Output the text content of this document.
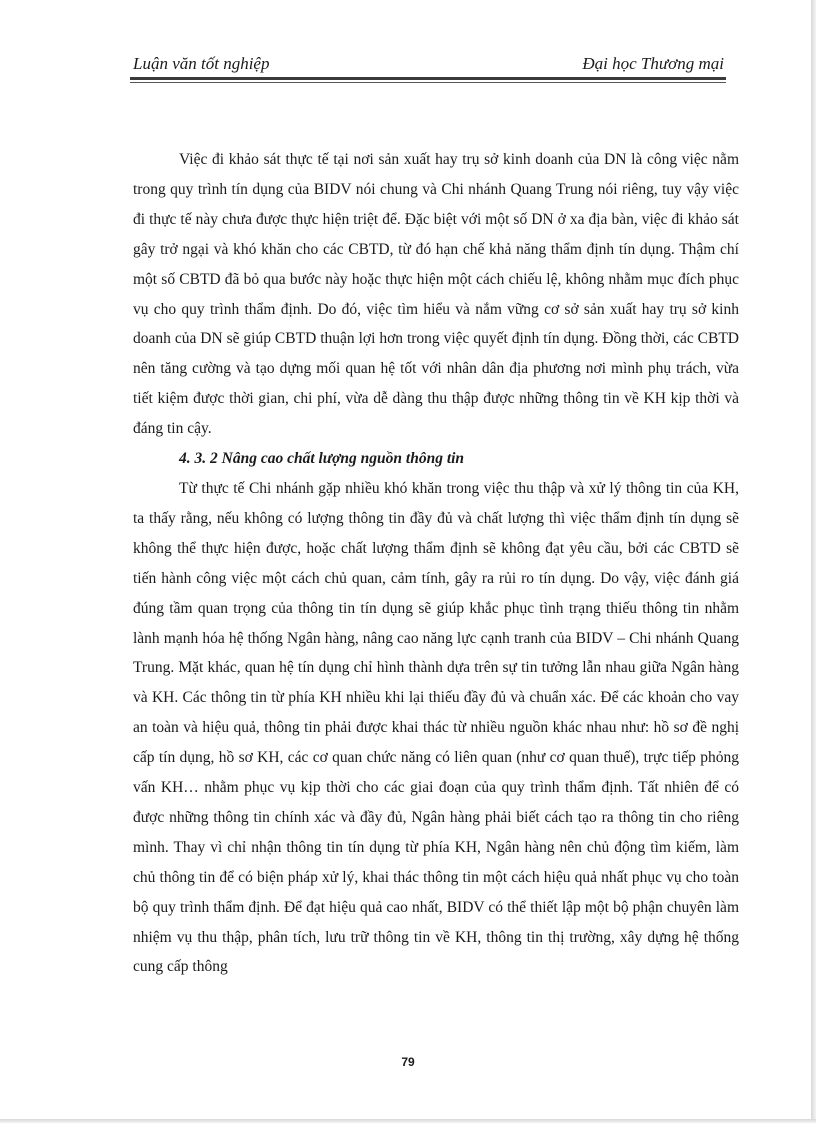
Luận văn tốt nghiệp	Đại học Thương mại

Việc đi khảo sát thực tế tại nơi sản xuất hay trụ sở kinh doanh của DN là công việc nằm trong quy trình tín dụng của BIDV nói chung và Chi nhánh Quang Trung nói riêng, tuy vậy việc đi thực tế này chưa được thực hiện triệt để. Đặc biệt với một số DN ở xa địa bàn, việc đi khảo sát gây trở ngại và khó khăn cho các CBTD, từ đó hạn chế khả năng thẩm định tín dụng. Thậm chí một số CBTD đã bỏ qua bước này hoặc thực hiện một cách chiếu lệ, không nhằm mục đích phục vụ cho quy trình thẩm định. Do đó, việc tìm hiểu và nắm vững cơ sở sản xuất hay trụ sở kinh doanh của DN sẽ giúp CBTD thuận lợi hơn trong việc quyết định tín dụng. Đồng thời, các CBTD nên tăng cường và tạo dựng mối quan hệ tốt với nhân dân địa phương nơi mình phụ trách, vừa tiết kiệm được thời gian, chi phí, vừa dễ dàng thu thập được những thông tin về KH kịp thời và đáng tin cậy.

4. 3. 2 Nâng cao chất lượng nguồn thông tin

Từ thực tế Chi nhánh gặp nhiều khó khăn trong việc thu thập và xử lý thông tin của KH, ta thấy rằng, nếu không có lượng thông tin đầy đủ và chất lượng thì việc thẩm định tín dụng sẽ không thể thực hiện được, hoặc chất lượng thẩm định sẽ không đạt yêu cầu, bởi các CBTD sẽ tiến hành công việc một cách chủ quan, cảm tính, gây ra rủi ro tín dụng. Do vậy, việc đánh giá đúng tầm quan trọng của thông tin tín dụng sẽ giúp khắc phục tình trạng thiếu thông tin nhằm lành mạnh hóa hệ thống Ngân hàng, nâng cao năng lực cạnh tranh của BIDV – Chi nhánh Quang Trung. Mặt khác, quan hệ tín dụng chỉ hình thành dựa trên sự tin tưởng lẫn nhau giữa Ngân hàng và KH. Các thông tin từ phía KH nhiều khi lại thiếu đầy đủ và chuẩn xác. Để các khoản cho vay an toàn và hiệu quả, thông tin phải được khai thác từ nhiều nguồn khác nhau như: hồ sơ đề nghị cấp tín dụng, hồ sơ KH, các cơ quan chức năng có liên quan (như cơ quan thuế), trực tiếp phỏng vấn KH… nhằm phục vụ kịp thời cho các giai đoạn của quy trình thẩm định. Tất nhiên để có được những thông tin chính xác và đầy đủ, Ngân hàng phải biết cách tạo ra thông tin cho riêng mình. Thay vì chỉ nhận thông tin tín dụng từ phía KH, Ngân hàng nên chủ động tìm kiếm, làm chủ thông tin để có biện pháp xử lý, khai thác thông tin một cách hiệu quả nhất phục vụ cho toàn bộ quy trình thẩm định. Để đạt hiệu quả cao nhất, BIDV có thể thiết lập một bộ phận chuyên làm nhiệm vụ thu thập, phân tích, lưu trữ thông tin về KH, thông tin thị trường, xây dựng hệ thống cung cấp thông

79
